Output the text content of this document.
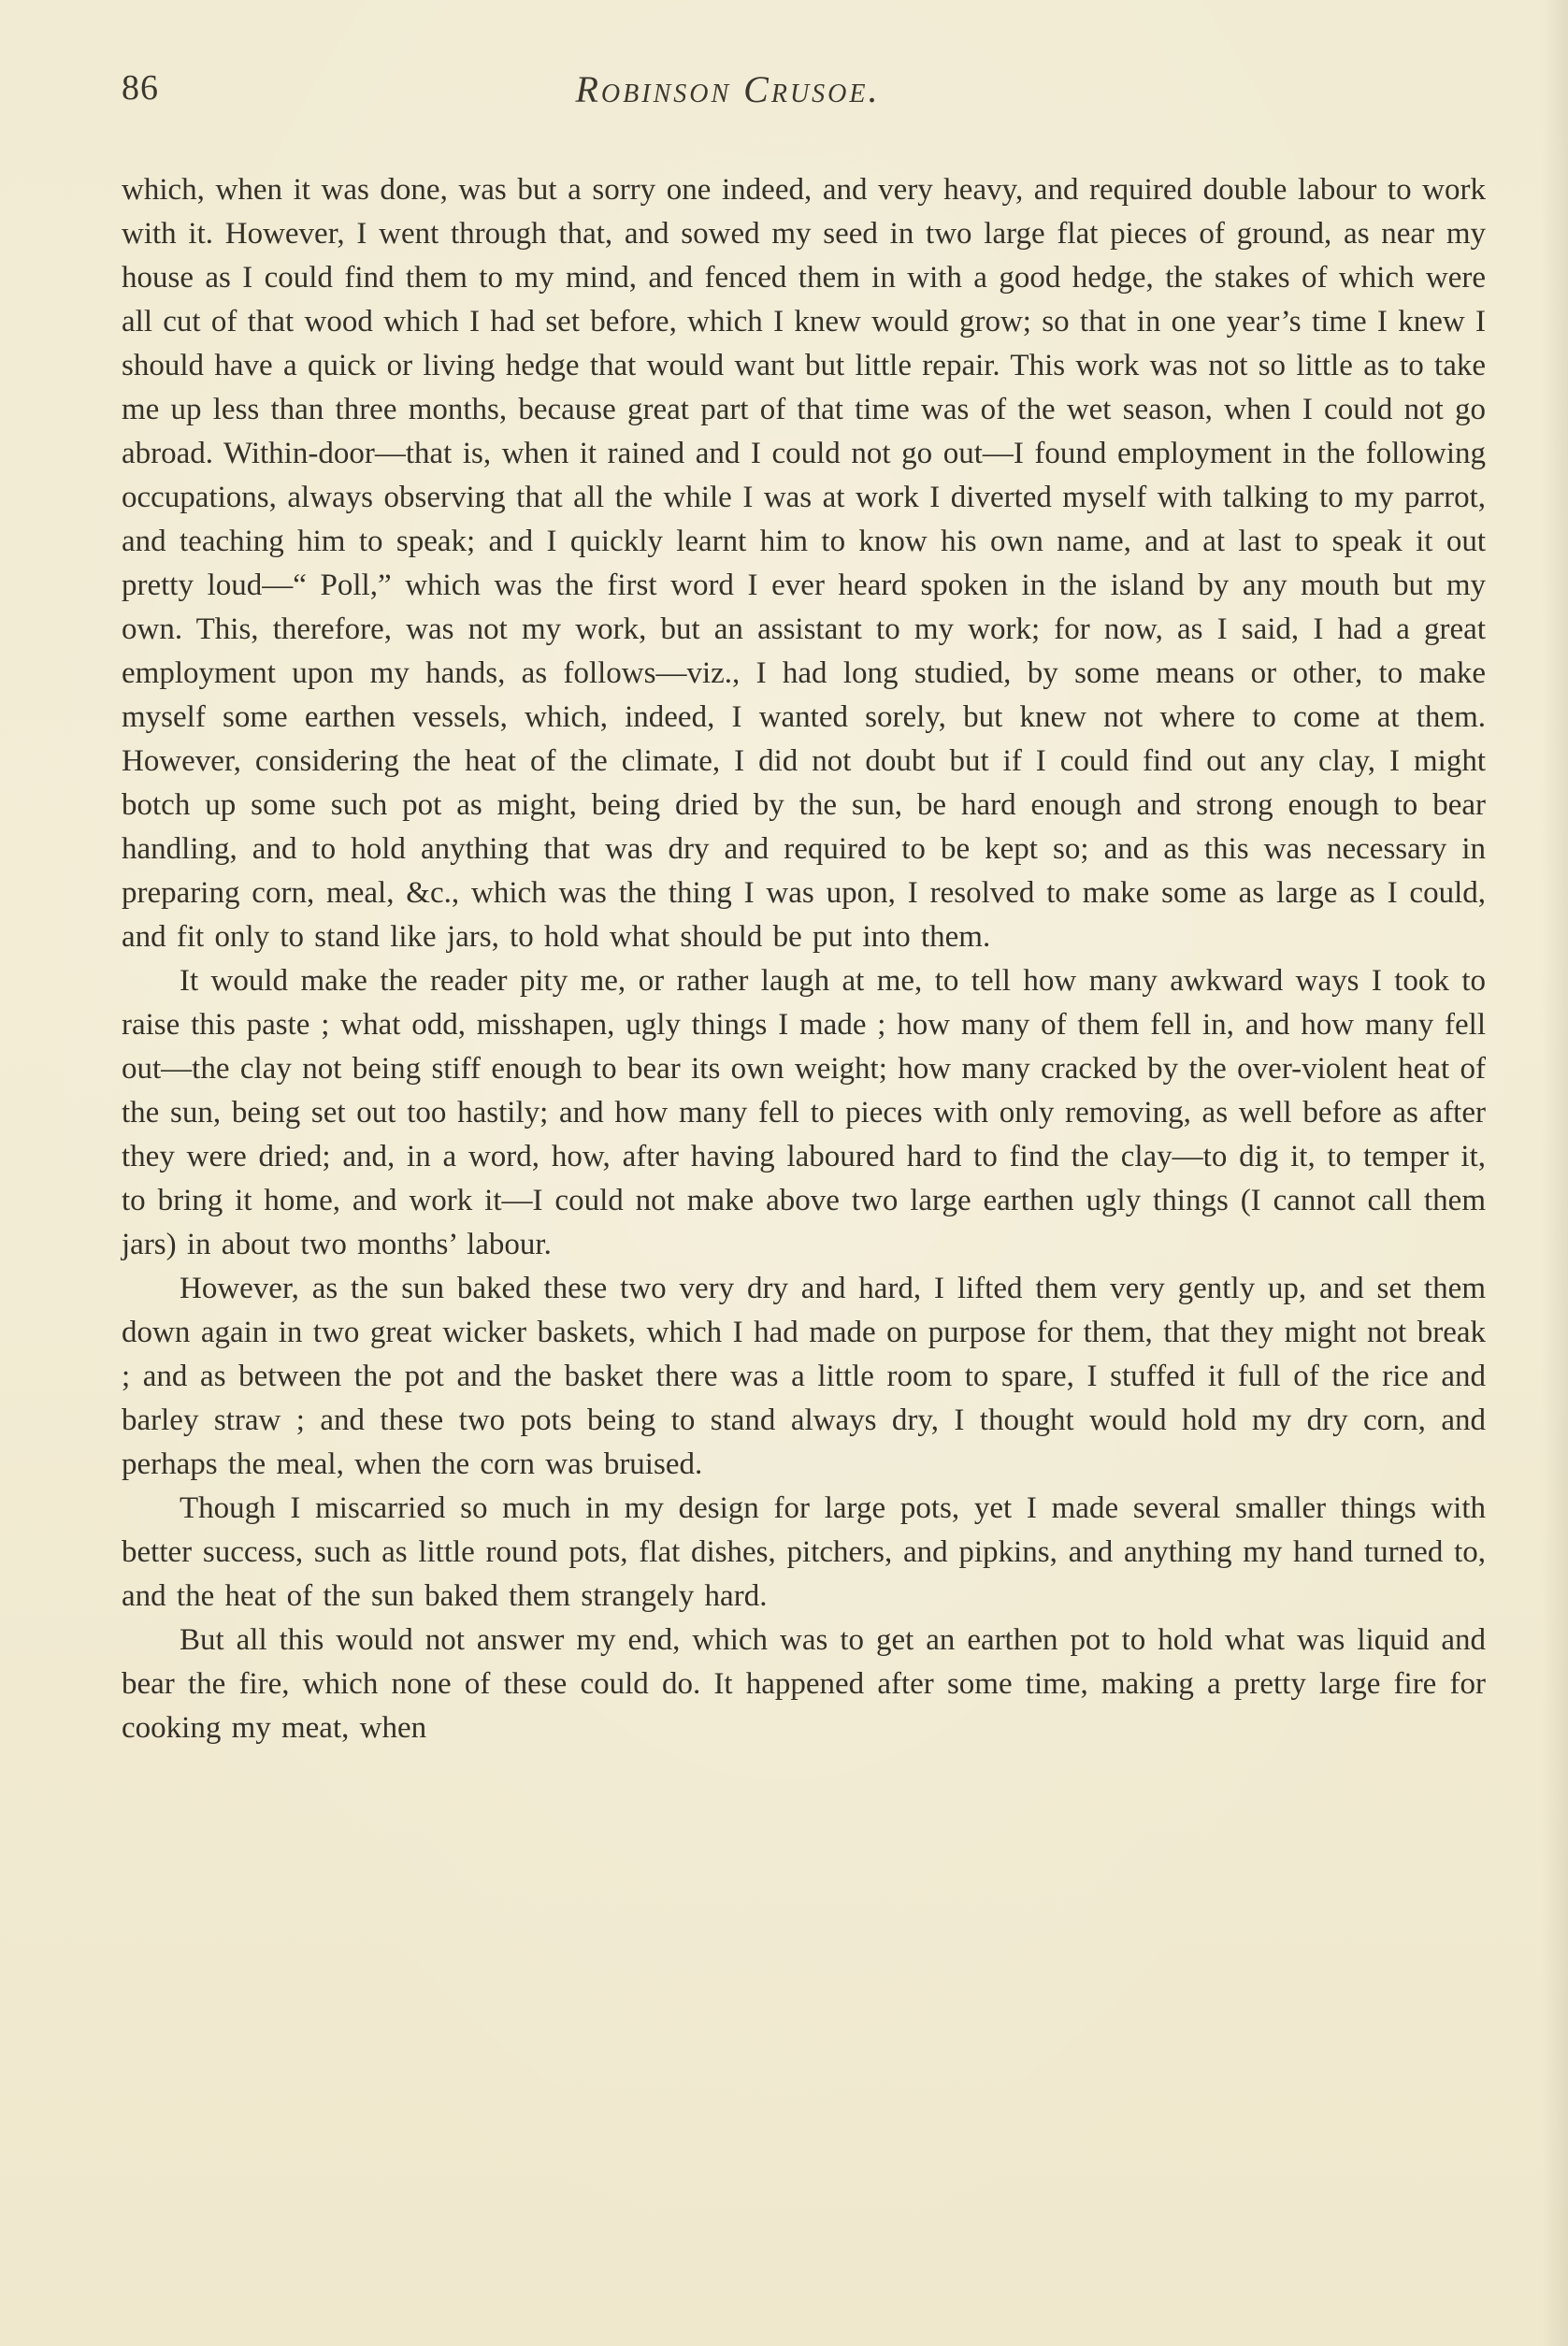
86	Robinson Crusoe.

which, when it was done, was but a sorry one indeed, and very heavy, and required double labour to work with it. However, I went through that, and sowed my seed in two large flat pieces of ground, as near my house as I could find them to my mind, and fenced them in with a good hedge, the stakes of which were all cut of that wood which I had set before, which I knew would grow; so that in one year’s time I knew I should have a quick or living hedge that would want but little repair. This work was not so little as to take me up less than three months, because great part of that time was of the wet season, when I could not go abroad. Within-door—that is, when it rained and I could not go out—I found employment in the following occupations, always observing that all the while I was at work I diverted myself with talking to my parrot, and teaching him to speak; and I quickly learnt him to know his own name, and at last to speak it out pretty loud—“ Poll,” which was the first word I ever heard spoken in the island by any mouth but my own. This, therefore, was not my work, but an assistant to my work; for now, as I said, I had a great employment upon my hands, as follows—viz., I had long studied, by some means or other, to make myself some earthen vessels, which, indeed, I wanted sorely, but knew not where to come at them. However, considering the heat of the climate, I did not doubt but if I could find out any clay, I might botch up some such pot as might, being dried by the sun, be hard enough and strong enough to bear handling, and to hold anything that was dry and required to be kept so; and as this was necessary in preparing corn, meal, &c., which was the thing I was upon, I resolved to make some as large as I could, and fit only to stand like jars, to hold what should be put into them.

It would make the reader pity me, or rather laugh at me, to tell how many awkward ways I took to raise this paste ; what odd, misshapen, ugly things I made ; how many of them fell in, and how many fell out—the clay not being stiff enough to bear its own weight; how many cracked by the over-violent heat of the sun, being set out too hastily; and how many fell to pieces with only removing, as well before as after they were dried; and, in a word, how, after having laboured hard to find the clay—to dig it, to temper it, to bring it home, and work it—I could not make above two large earthen ugly things (I cannot call them jars) in about two months’ labour.

However, as the sun baked these two very dry and hard, I lifted them very gently up, and set them down again in two great wicker baskets, which I had made on purpose for them, that they might not break ; and as between the pot and the basket there was a little room to spare, I stuffed it full of the rice and barley straw ; and these two pots being to stand always dry, I thought would hold my dry corn, and perhaps the meal, when the corn was bruised.

Though I miscarried so much in my design for large pots, yet I made several smaller things with better success, such as little round pots, flat dishes, pitchers, and pipkins, and anything my hand turned to, and the heat of the sun baked them strangely hard.

But all this would not answer my end, which was to get an earthen pot to hold what was liquid and bear the fire, which none of these could do. It happened after some time, making a pretty large fire for cooking my meat, when
